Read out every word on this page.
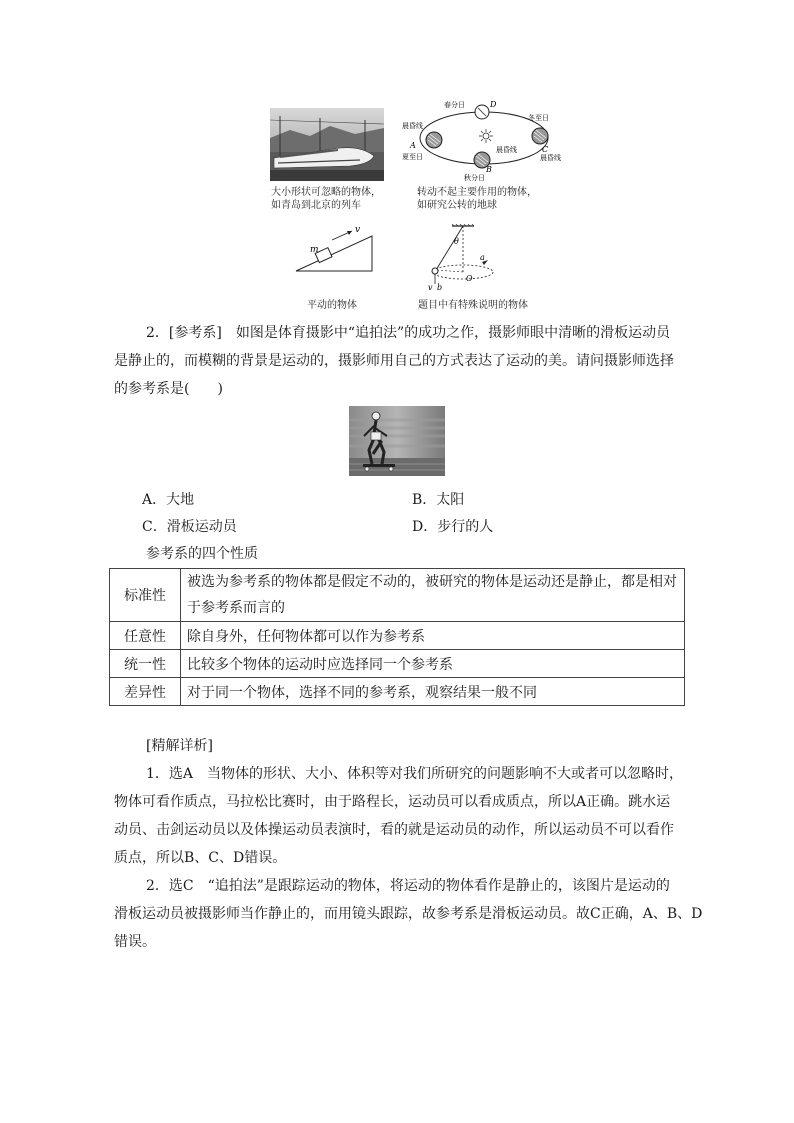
大小形状可忽略的物体，
如青岛到北京的列车
春分日	D
晨昏线
A
夏至日
冬至日
C
晨昏线
晨昏线
B
秋分日
转动不起主要作用的物体，
如研究公转的地球
m
v
平动的物体
θ
a
O
v b
题目中有特殊说明的物体
2．[参考系]　如图是体育摄影中“追拍法”的成功之作，摄影师眼中清晰的滑板运动员
是静止的，而模糊的背景是运动的，摄影师用自己的方式表达了运动的美。请问摄影师选择
的参考系是(　　)
A．大地	B．太阳
C．滑板运动员	D．步行的人
参考系的四个性质
标准性	被选为参考系的物体都是假定不动的，被研究的物体是运动还是静止，都是相对
于参考系而言的

任意性	除自身外，任何物体都可以作为参考系
统一性	比较多个物体的运动时应选择同一个参考系
差异性	对于同一个物体，选择不同的参考系，观察结果一般不同
[精解详析]
1．选A　当物体的形状、大小、体积等对我们所研究的问题影响不大或者可以忽略时，
物体可看作质点，马拉松比赛时，由于路程长，运动员可以看成质点，所以A正确。跳水运
动员、击剑运动员以及体操运动员表演时，看的就是运动员的动作，所以运动员不可以看作
质点，所以B、C、D错误。
2．选C　“追拍法”是跟踪运动的物体，将运动的物体看作是静止的，该图片是运动的
滑板运动员被摄影师当作静止的，而用镜头跟踪，故参考系是滑板运动员。故C正确，A、B、D
错误。
